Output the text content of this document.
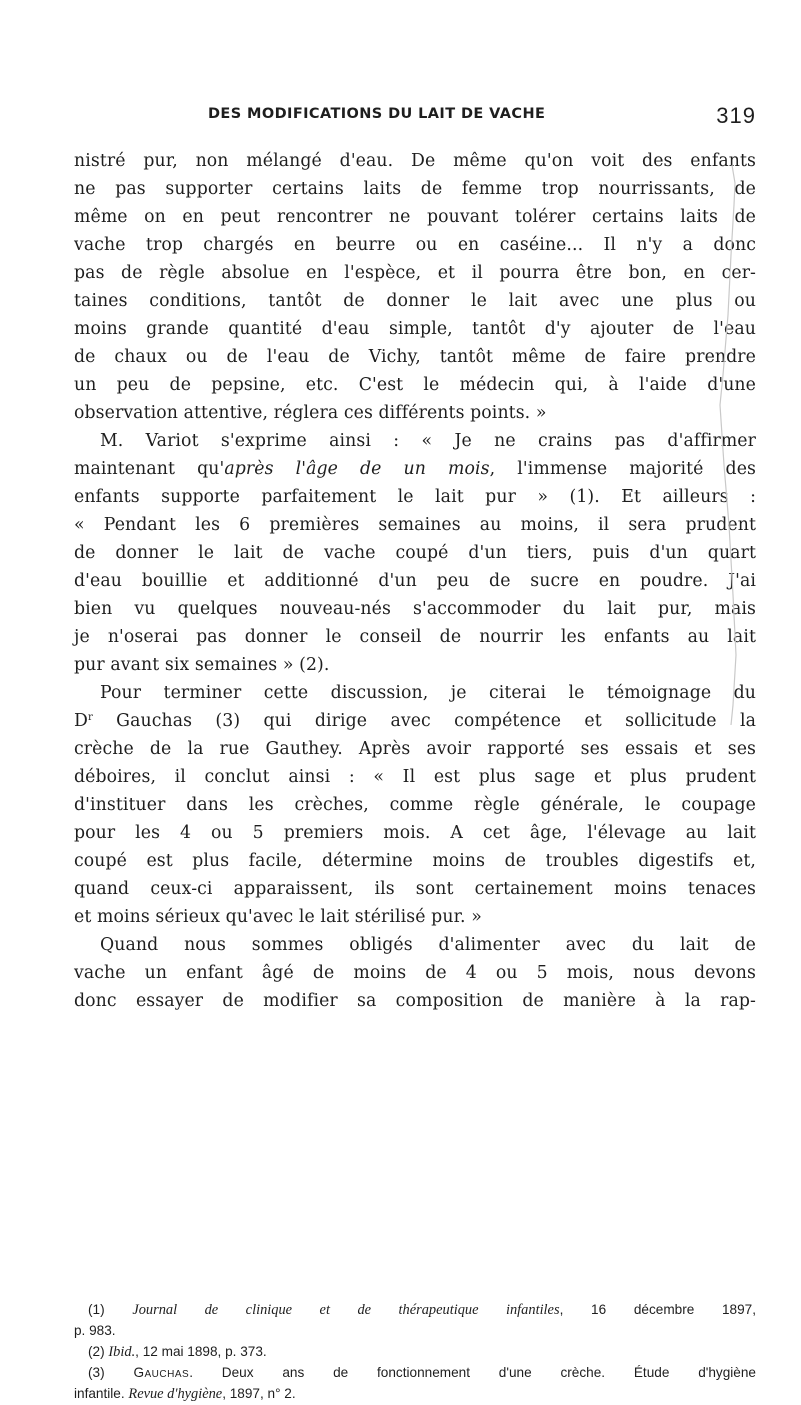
DES MODIFICATIONS DU LAIT DE VACHE	319
nistré pur, non mélangé d'eau. De même qu'on voit des enfants
ne pas supporter certains laits de femme trop nourrissants, de
même on en peut rencontrer ne pouvant tolérer certains laits de
vache trop chargés en beurre ou en caséine... Il n'y a donc
pas de règle absolue en l'espèce, et il pourra être bon, en cer-
taines conditions, tantôt de donner le lait avec une plus ou
moins grande quantité d'eau simple, tantôt d'y ajouter de l'eau
de chaux ou de l'eau de Vichy, tantôt même de faire prendre
un peu de pepsine, etc. C'est le médecin qui, à l'aide d'une
observation attentive, réglera ces différents points. »
M. Variot s'exprime ainsi : « Je ne crains pas d'affirmer
maintenant qu'après l'âge de un mois, l'immense majorité des
enfants supporte parfaitement le lait pur » (1). Et ailleurs :
« Pendant les 6 premières semaines au moins, il sera prudent
de donner le lait de vache coupé d'un tiers, puis d'un quart
d'eau bouillie et additionné d'un peu de sucre en poudre. J'ai
bien vu quelques nouveau-nés s'accommoder du lait pur, mais
je n'oserai pas donner le conseil de nourrir les enfants au lait
pur avant six semaines » (2).
Pour terminer cette discussion, je citerai le témoignage du
$D^r$ Gauchas (3) qui dirige avec compétence et sollicitude la
crèche de la rue Gauthey. Après avoir rapporté ses essais et ses
déboires, il conclut ainsi : « Il est plus sage et plus prudent
d'instituer dans les crèches, comme règle générale, le coupage
pour les 4 ou 5 premiers mois. A cet âge, l'élevage au lait
coupé est plus facile, détermine moins de troubles digestifs et,
quand ceux-ci apparaissent, ils sont certainement moins tenaces
et moins sérieux qu'avec le lait stérilisé pur. »
Quand nous sommes obligés d'alimenter avec du lait de
vache un enfant âgé de moins de 4 ou 5 mois, nous devons
donc essayer de modifier sa composition de manière à la rap-
(1) Journal de clinique et de thérapeutique infantiles, 16 décembre 1897,
p. 983.
(2) Ibid., 12 mai 1898, p. 373.
(3) Gauchas. Deux ans de fonctionnement d'une crèche. Étude d'hygiène
infantile. Revue d'hygiène, 1897, n° 2.
